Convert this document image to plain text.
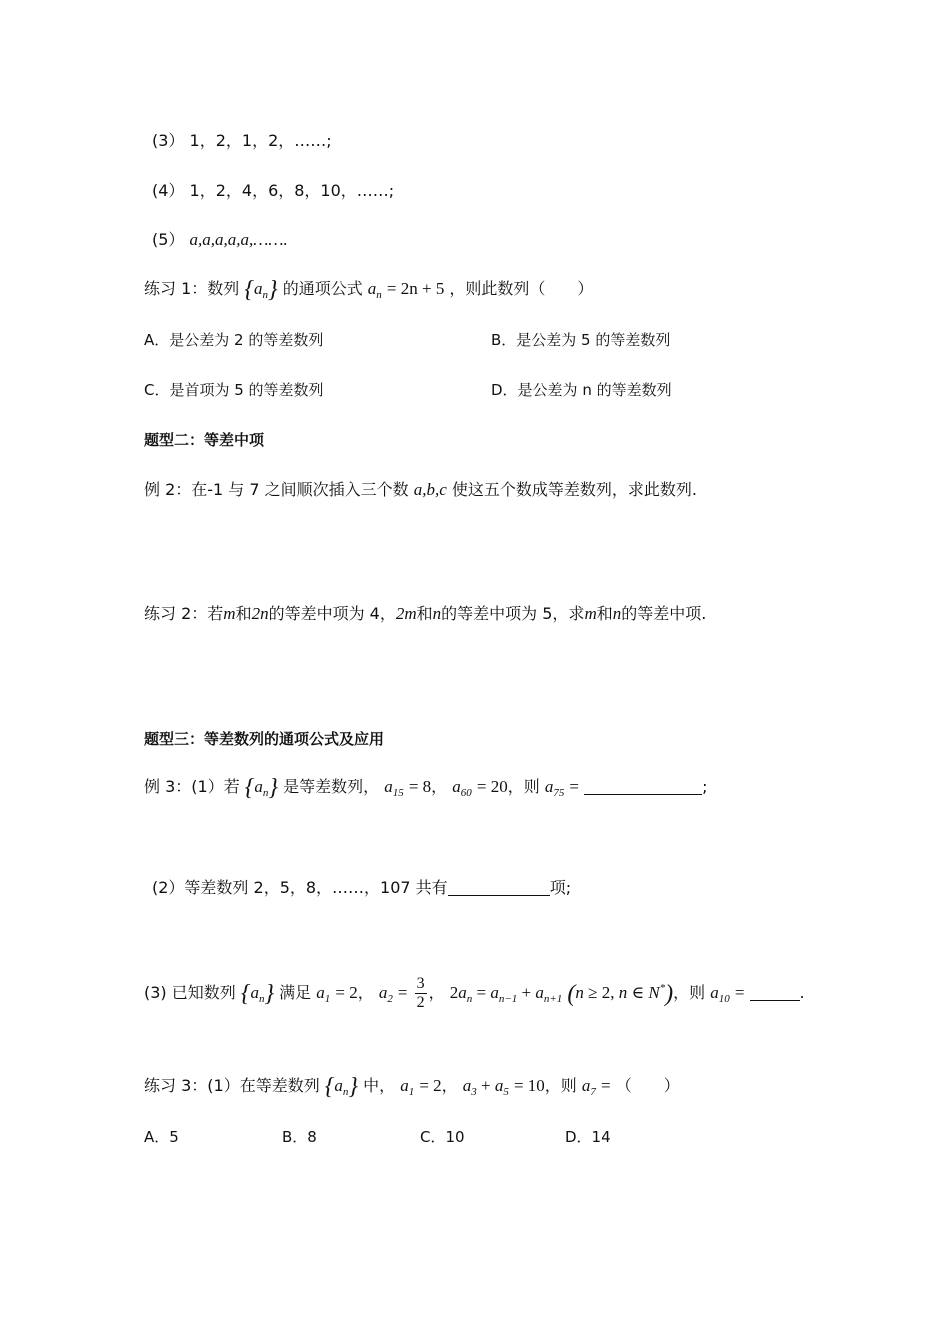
(3） 1，2，1，2，……;
(4） 1，2，4，6，8，10，……;
(5） a,a,a,a,a,…….
练习 1：数列 $\{a_n\}$ 的通项公式 $a_n = 2n + 5$ ，则此数列（　　）
A．是公差为 2 的等差数列	B．是公差为 5 的等差数列
C．是首项为 5 的等差数列	D．是公差为 n 的等差数列
题型二：等差中项
例 2：在-1 与 7 之间顺次插入三个数 a,b,c 使这五个数成等差数列，求此数列.
练习 2：若m和2n的等差中项为 4，2m和n的等差中项为 5，求m和n的等差中项.
题型三：等差数列的通项公式及应用
例 3：(1）若 $\{a_n\}$ 是等差数列， $a_{15} = 8$， $a_{60} = 20$，则 $a_{75}$ =	;
(2）等差数列 2，5，8，……，107 共有	项;
(3) 已知数列 $\{a_n\}$ 满足 $a_1 = 2$， $a_2 = \frac{3}{2}$ ， $2a_n = a_{n-1} + a_{n+1}$ (n ≥ 2, n ∈ N*)，则 $a_{10}$ =	.
练习 3：(1）在等差数列 $\{a_n\}$ 中， $a_1 = 2$， $a_3 + a_5 = 10$，则 $a_7$ = （　　）
A．5	B．8	C．10	D．14
